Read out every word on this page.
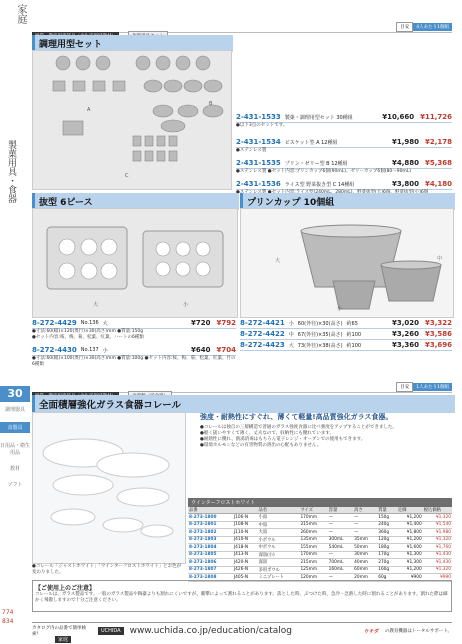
家庭
製菓用具・食器
30
調理器具
食器具
日用品・衛生用品
教材
ソフト
774
834

目安 4人あたり1個組
調理用型セット
A
B
C
2-431-1533 製菓・調理用型セット 30種組	¥10,660 ¥11,726
●以下3点のセットです。
2-431-1534 ビスケット型 A 12種組	¥1,980 ¥2,178
●ステンレス製
2-431-1535 プリン・ゼリー型 B 12種組	¥4,880 ¥5,368
●ステンレス製 ●セット内容:プリンカップ6個(90mL)、ゼリーカップ6個(80～90mL)
2-431-1536 ライス型 野菜抜き型 C 14種組	¥3,800 ¥4,180
抜型 6ピース
大	小
8-272-4429 No.136 大	¥720 ¥792
●寸法:60(幅)×120(奥行)×30(高さ)mm ●質量:150g
●セット内容:桜、梅、菊、松葉、紅葉、ハートの6種類
8-272-4430 No.137 小	¥640 ¥704
●寸法:60(幅)×100(奥行)×30(高さ)mm ●質量:100g ●セット内容:桜、梅、菊、松葉、紅葉、竹の6種類
プリンカップ 10個組
大	中
小
8-272-4421 小 60(外径)×30(高さ) 約65	¥3,020 ¥3,322
8-272-4422 中 67(外径)×35(高さ) 約100	¥3,260 ¥3,586
8-272-4423 大 73(外径)×38(高さ) 約100	¥3,360 ¥3,696

目安 1人あたり1個組
全面積層強化ガラス食器コレール
●コレール「ジャストホワイト」「ウインターフロストホワイト」とお色が変わりました。
強度・耐熱性にすぐれ、薄くて軽量!高品質強化ガラス食器。
●コレールは独自の三層構造で普通のガラス強度食器に比べ強度をアップすることができました。
●軽く扱いやすくて薄く、丈夫なので、収納性にも優れています。
●耐熱性に優れ、熱湯消毒はもちろん電子レンジ・オーブンでの使用もできます。
●環境ホルモンなどの有害物質の溶出の心配もありません。
ウインターフロストホワイト
品番		品名	サイズ	容量	高さ	質量	定価	税込価格
8-273-1800	J106-N	小皿	170mm	—	—	150g	¥1,200	¥1,320
8-273-1801	J108-N	中皿	215mm	—	—	240g	¥1,400	¥1,540
8-273-1802	J110-N	大皿	260mm	—	—	360g	¥1,800	¥1,980
8-273-1803	J410-N	小ボウル	135mm	300mL	35mm	120g	¥1,200	¥1,320
8-273-1804	J418-N	中ボウル	155mm	540mL	50mm	180g	¥1,600	¥1,760
8-273-1805	J413-N	深皿(小)	170mm	—	30mm	170g	¥1,300	¥1,430
8-273-1806	J420-N	深皿	215mm	700mL	40mm	270g	¥1,300	¥1,430
8-273-1807	J426-N	多用ボウル	125mm	160mL	60mm	160g	¥1,200	¥1,320
8-273-1808	J405-N	ミニプレート	120mm	—	20mm	60g	¥900	¥990
【ご使用上のご注意】
コレールは、ガラス製品です。一般のガラス製品や陶器よりも割れにくいですが、衝撃によって割れることがあります。落とした時、ぶつけた時、急冷・急熱した時に割れることがあります。割れた際は細かく飛散しますので十分ご注意ください。
カタログ内の品番で簡単検索!
UCHIDA	www.uchida.co.jp/education/catalog	ウチダ の教育機器はトータルサポート。
家庭
